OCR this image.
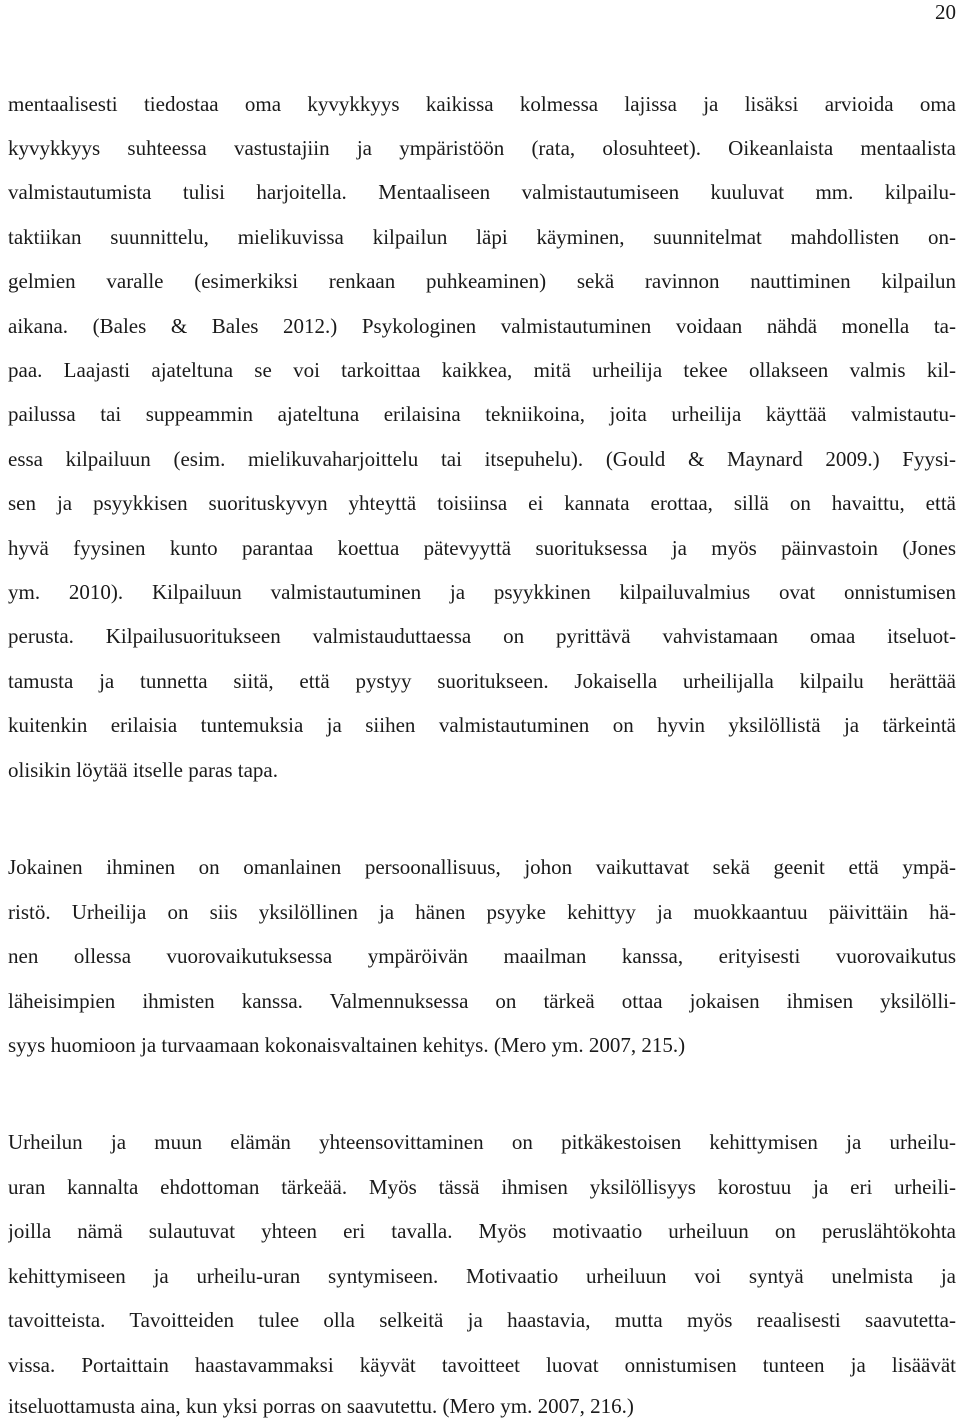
20
mentaalisesti tiedostaa oma kyvykkyys kaikissa kolmessa lajissa ja lisäksi arvioida oma
kyvykkyys suhteessa vastustajiin ja ympäristöön (rata, olosuhteet). Oikeanlaista mentaalista
valmistautumista tulisi harjoitella. Mentaaliseen valmistautumiseen kuuluvat mm. kilpailu-
taktiikan suunnittelu, mielikuvissa kilpailun läpi käyminen, suunnitelmat mahdollisten on-
gelmien varalle (esimerkiksi renkaan puhkeaminen) sekä ravinnon nauttiminen kilpailun
aikana. (Bales & Bales 2012.) Psykologinen valmistautuminen voidaan nähdä monella ta-
paa. Laajasti ajateltuna se voi tarkoittaa kaikkea, mitä urheilija tekee ollakseen valmis kil-
pailussa tai suppeammin ajateltuna erilaisina tekniikoina, joita urheilija käyttää valmistautu-
essa kilpailuun (esim. mielikuvaharjoittelu tai itsepuhelu). (Gould & Maynard 2009.) Fyysi-
sen ja psyykkisen suorituskyvyn yhteyttä toisiinsa ei kannata erottaa, sillä on havaittu, että
hyvä fyysinen kunto parantaa koettua pätevyyttä suorituksessa ja myös päinvastoin (Jones
ym. 2010). Kilpailuun valmistautuminen ja psyykkinen kilpailuvalmius ovat onnistumisen
perusta. Kilpailusuoritukseen valmistauduttaessa on pyrittävä vahvistamaan omaa itseluot-
tamusta ja tunnetta siitä, että pystyy suoritukseen. Jokaisella urheilijalla kilpailu herättää
kuitenkin erilaisia tuntemuksia ja siihen valmistautuminen on hyvin yksilöllistä ja tärkeintä
olisikin löytää itselle paras tapa.
Jokainen ihminen on omanlainen persoonallisuus, johon vaikuttavat sekä geenit että ympä-
ristö. Urheilija on siis yksilöllinen ja hänen psyyke kehittyy ja muokkaantuu päivittäin hä-
nen ollessa vuorovaikutuksessa ympäröivän maailman kanssa, erityisesti vuorovaikutus
läheisimpien ihmisten kanssa. Valmennuksessa on tärkeä ottaa jokaisen ihmisen yksilölli-
syys huomioon ja turvaamaan kokonaisvaltainen kehitys. (Mero ym. 2007, 215.)
Urheilun ja muun elämän yhteensovittaminen on pitkäkestoisen kehittymisen ja urheilu-
uran kannalta ehdottoman tärkeää. Myös tässä ihmisen yksilöllisyys korostuu ja eri urheili-
joilla nämä sulautuvat yhteen eri tavalla. Myös motivaatio urheiluun on peruslähtökohta
kehittymiseen ja urheilu-uran syntymiseen. Motivaatio urheiluun voi syntyä unelmista ja
tavoitteista. Tavoitteiden tulee olla selkeitä ja haastavia, mutta myös reaalisesti saavutetta-
vissa. Portaittain haastavammaksi käyvät tavoitteet luovat onnistumisen tunteen ja lisäävät
itseluottamusta aina, kun yksi porras on saavutettu. (Mero ym. 2007, 216.)
